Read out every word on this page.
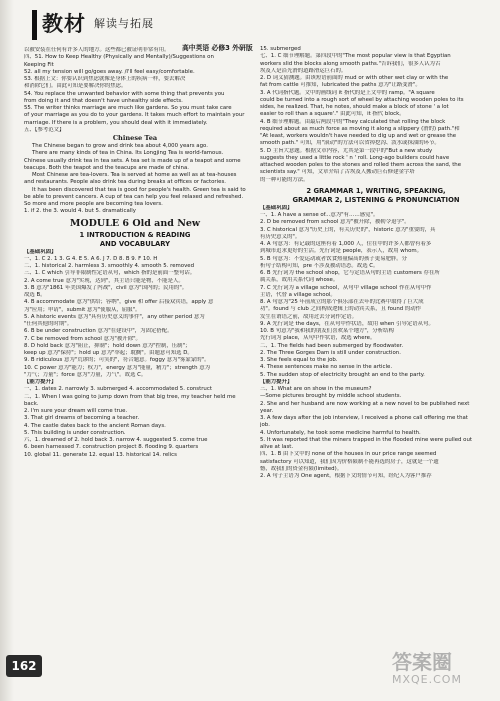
教材 解读与拓展
高中英语 必修3 外研版
以被安装在任何有许多人的地方。这些都已被证明非常有用。
四、51. How to Keep Healthy (Physically and Mentally)/Suggestions on
Keeping Fit
52. all my tension will go/goes away. /I'll feel easy/comfortable.
53. 根据上文：你要认识到焦虑就像是身体上的疾病一样，要去解决
和消除它们。由此可知是要解决你的焦虑。
54. You replace the unwanted behavior with some thing that prevents you
from doing it and that doesn't have unhealthy side effects.
55. The writer thinks marriage are much like gardens. So you must take care
of your marriage as you do to your gardens. It takes much effort to maintain your
marriage. If there is a problem, you should deal with it immediately.
五、【参考范文】
Chinese Tea
The Chinese began to grow and drink tea about 4,000 years ago.
There are many kinds of tea in China. Its Longjing Tea is world-famous. Chinese usually drink tea in tea sets. A tea set is made up of a teapot and some teacups. Both the teapot and the teacups are made of china.
Most Chinese are tea-lovers. Tea is served at home as well as at tea-houses and restaurants. People also drink tea during breaks at offices or factories.
It has been discovered that tea is good for people's health. Green tea is said to be able to prevent cancers. A cup of tea can help you feel relaxed and refreshed. So more and more people are becoming tea lovers.
1. if 2. the 3. would 4. but 5. dramatically
MODULE 6 Old and New
1 INTRODUCTION & READING
AND VOCABULARY
【基础巩固】
一、1. C 2. 1 3. G 4. E 5. A 6. J 7. D 8. B 9. F 10. H
二、1. historical 2. harmless 3. smoothly 4. smooth 5. removed
三、1. C which 引导非限制性定语从句，which 指的是前面一整句话。
2. A come true 意为"实现，达到"，其主语只能是物，不能是人。
3. B 意为"1861 年美国爆发了内战"，civil 意为"国内的；民用的"。
故选 B。
4. B accommodate 意为"供给；容纳"，give 和 offer 后接双宾语，apply 意
为"应用；申请"，submit 意为"使服从，屈服"。
5. A historic events 意为"具有历史意义的事件"，any other period 意为
"任何其他的时期"。
6. B be under construction 意为"在建设中"，为固定搭配。
7. C be removed from school 意为"被开除"。
8. D hold back 意为"阻止，抑制"；hold down 意为"控制，压制"；
keep up 意为"保持"；hold up 意为"举起；耽搁"。由题意可知选 D。
9. B ridiculous 意为"荒谬的；可笑的"，符合题意。foggy 意为"雾蒙蒙的"。
10. C power 意为"能力；权力"，energy 意为"能量，精力"；strength 意为
"力气；力量"；force 意为"力量，力气"。故选 C。
【能力提升】
一、1. dates 2. narrowly 3. submerged 4. accommodated 5. construct
二、1. When I was going to jump down from that big tree, my teacher held me
back.
2. I'm sure your dream will come true.
3. That girl dreams of becoming a teacher.
4. The castle dates back to the ancient Roman days.
5. This building is under construction.
六、1. dreamed of 2. hold back 3. narrow 4. suggested 5. come true
6. been harnessed 7. construction project 8. flooding 9. quarters
10. global 11. generate 12. equal 13. historical 14. relics
15. submerged
七、1. C 细节理解题。第四段中的"The most popular view is that Egyptian
workers slid the blocks along smooth paths."告诉我们，很多人认为古
埃及人是沿光滑的道路滑运巨石的。
2. D 词义猜测题。由该短语前面的 mud or with other wet clay or with the
fat from cattle 可推知，lubricated the paths 意为"让路变滑"。
3. A 代词指代题。文中的画线词 it 指代的是上文中的 ramp。"A square
could be turned into a rough sort of wheel by attaching wooden poles to its
sides, he realized. That, he notes, should make a block of stone ' a lot
easier to roll than a square'." 由此可知，it 指代 block。
4. B 细节理解题。由最后两段中的"They calculated that rolling the block
required about as much force as moving it along a slippery (滑的) path."和
"At least, workers wouldn't have needed to dig up and wet or grease the
smooth path." 可知，用"滚动"的方法可以省掉挖沟、泼水或抹油的环节。
5. D 主旨大意题。根据文章内容，尤其是第一段中的"But a new study
suggests they used a little rock ' n ' roll. Long-ago builders could have
attached wooden poles to the stones and rolled them across the sand, the
scientists say." 可知，文章介绍了古埃及人搬动巨石修建金字塔
的一种可能的方法。
2 GRAMMAR 1, WRITING, SPEAKING,
GRAMMAR 2, LISTENING & PRONUNCIATION
【基础巩固】
一、1. A have a sense of...意为"有……感觉"。
2. D be removed from school 意为"被开除，被勒令退学"。
3. C historical 意为"历史上的，有关历史的"，historic 意为"重要的，具
有历史意义的"。
4. A 句意为：有记载的这座有着 1,000 人，住在中的许多人都曾有着多
到城市追求更好的生活。先行词是 people，表示人，故用 whom。
5. B 句意为：不爱运动或者饮食热量偏高的孩子更易肥胖。分
析句子结构可知，pre 不涉及被动语态。故选 C。
6. B 先行词为 the school shop，它与定语从句的主语 customers 存在所
属关系，故用关系代词 whose。
7. C 先行词为 a village school，从句中 village school 作在从句中作
主语，代替 a village school。
8. A 句意为"25 年前成立的那个俱乐部在去年的比赛中取得了巨大成
功"。found 与 club 之间构成逻辑上的动宾关系，且 found 的动作
发生在谓语之前，故用过去分词作定语。
9. A 先行词是 the days，在从句中作状语，故用 when 引导定语从句。
10. B 句意为"我和我的朋友们喜欢某个地方"，分析结构
先行词为 place，从句中作状语，故选 where。
二、1. The fields had been submerged by floodwater.
2. The Three Gorges Dam is still under construction.
3. She feels equal to the job.
4. These sentences make no sense in the article.
5. The sudden stop of electricity brought an end to the party.
【能力提升】
三、1. What are on show in the museum?
—Some pictures brought by middle school students.
2. She and her husband are now working at a new novel to be published next
year.
3. A few days after the job interview, I received a phone call offering me that
job.
4. Unfortunately, he took some medicine harmful to health.
5. It was reported that the miners trapped in the flooded mine were pulled out
alive at last.
四、1. B 由下文中的 none of the houses in our price range seemed
satisfactory 可以知道，我们因为价格限制不能再选的房子，这就是一个遗
憾，故我们的资金有限(limited)。
2. A 句子主语为 One agent，根据下文的情节可知，经纪人为客户推荐
162	答案圈
MXQE.COM
